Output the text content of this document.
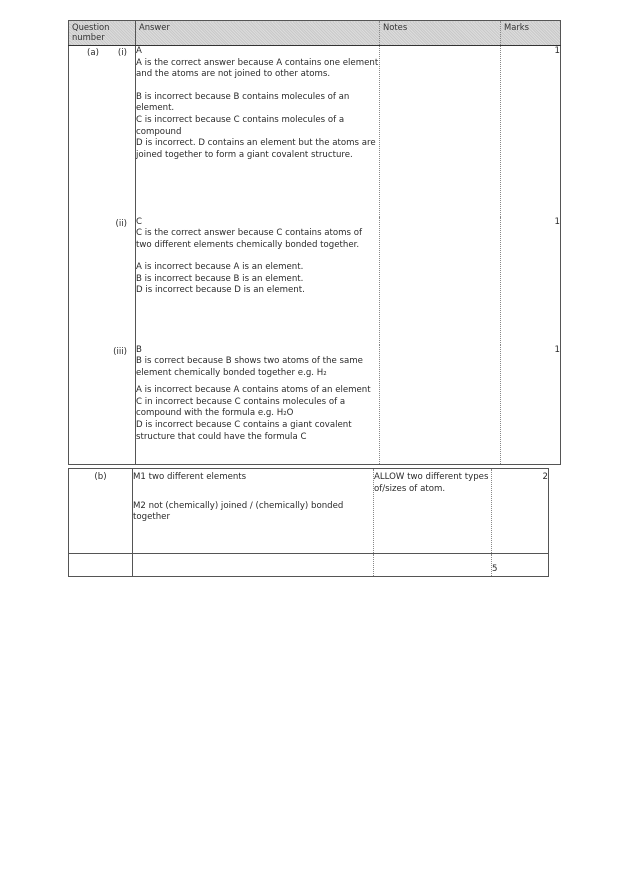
Question number	Answer	Notes	Marks

(a) (i)	A

A is the correct answer because A contains one element and the atoms are not joined to other atoms.

B is incorrect because B contains molecules of an element.

C is incorrect because C contains molecules of a compound

D is incorrect. D contains an element but the atoms are joined together to form a giant covalent structure.

		1

(ii)	C

C is the correct answer because C contains atoms of two different elements chemically bonded together.

A is incorrect because A is an element.

B is incorrect because B is an element.

D is incorrect because D is an element.		1

(iii)	B

B is correct because B shows two atoms of the same element chemically bonded together e.g. H₂

A is incorrect because A contains atoms of an element

C in incorrect because C contains molecules of a compound with the formula e.g. H₂O

D is incorrect because C contains a giant covalent structure that could have the formula C		1
(b)	M1 two different elements

M2 not (chemically) joined / (chemically) bonded together	ALLOW two different types of/sizes of atom.	2
			5
